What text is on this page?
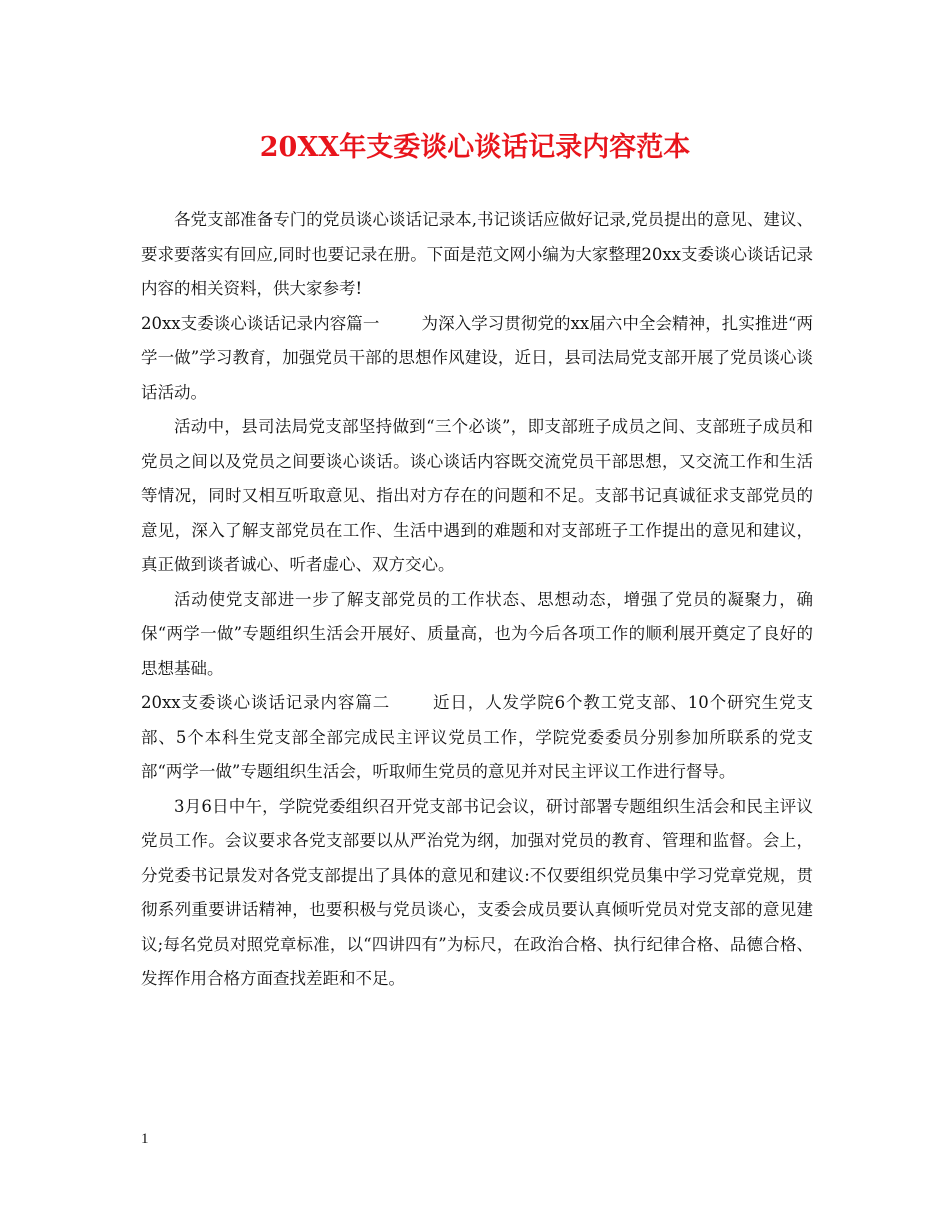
20XX年支委谈心谈话记录内容范本

各党支部准备专门的党员谈心谈话记录本,书记谈话应做好记录,党员提出的意见、建议、要求要落实有回应,同时也要记录在册。下面是范文网小编为大家整理20xx支委谈心谈话记录内容的相关资料，供大家参考!

20xx支委谈心谈话记录内容篇一	为深入学习贯彻党的xx届六中全会精神，扎实推进“两学一做”学习教育，加强党员干部的思想作风建设，近日，县司法局党支部开展了党员谈心谈话活动。

活动中，县司法局党支部坚持做到“三个必谈”，即支部班子成员之间、支部班子成员和党员之间以及党员之间要谈心谈话。谈心谈话内容既交流党员干部思想，又交流工作和生活等情况，同时又相互听取意见、指出对方存在的问题和不足。支部书记真诚征求支部党员的意见，深入了解支部党员在工作、生活中遇到的难题和对支部班子工作提出的意见和建议，真正做到谈者诚心、听者虚心、双方交心。

活动使党支部进一步了解支部党员的工作状态、思想动态，增强了党员的凝聚力，确保“两学一做”专题组织生活会开展好、质量高，也为今后各项工作的顺利展开奠定了良好的思想基础。

20xx支委谈心谈话记录内容篇二	近日，人发学院6个教工党支部、10个研究生党支部、5个本科生党支部全部完成民主评议党员工作，学院党委委员分别参加所联系的党支部“两学一做”专题组织生活会，听取师生党员的意见并对民主评议工作进行督导。

3月6日中午，学院党委组织召开党支部书记会议，研讨部署专题组织生活会和民主评议党员工作。会议要求各党支部要以从严治党为纲，加强对党员的教育、管理和监督。会上，分党委书记景发对各党支部提出了具体的意见和建议:不仅要组织党员集中学习党章党规，贯彻系列重要讲话精神，也要积极与党员谈心，支委会成员要认真倾听党员对党支部的意见建议;每名党员对照党章标准，以“四讲四有”为标尺，在政治合格、执行纪律合格、品德合格、发挥作用合格方面查找差距和不足。

1
